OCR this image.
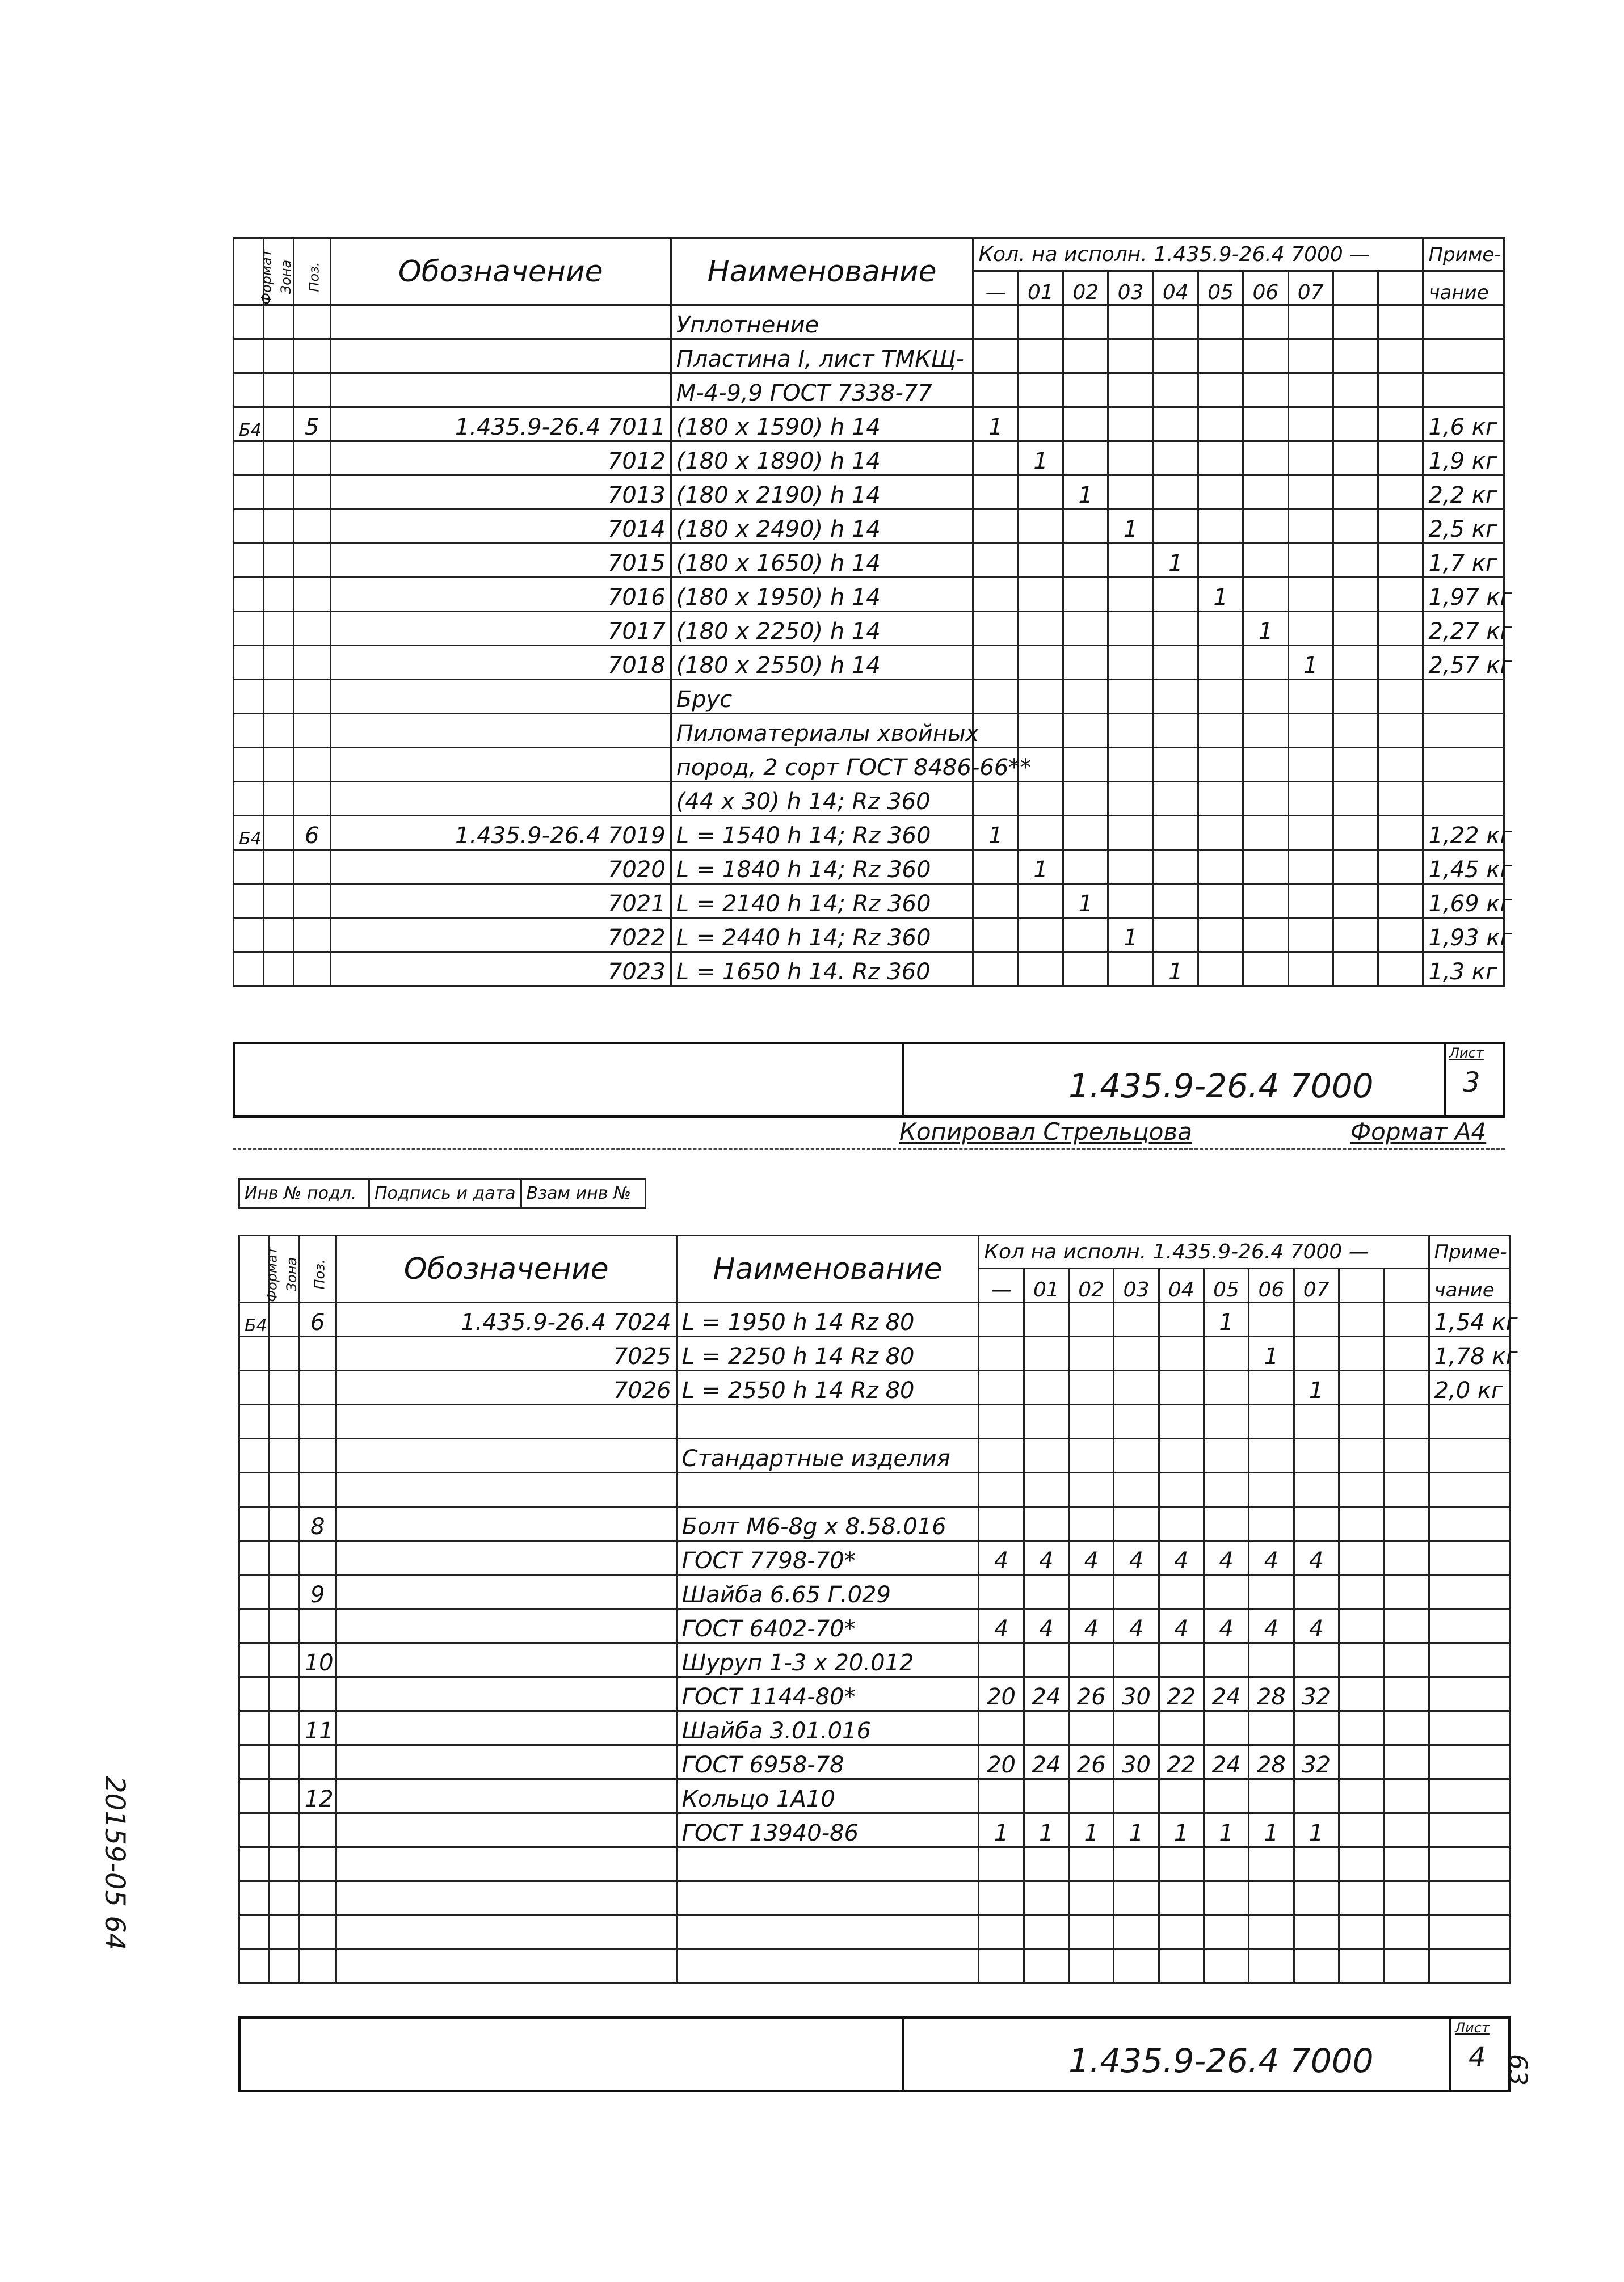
Формат	Зона	Поз.	Обозначение	Наименование	Кол. на исполн. 1.435.9-26.4 7000 —										Приме-
					—	01	02	03	04	05	06	07			чание
				Уплотнение											
				Пластина I, лист ТМКЩ-											
				М-4-9,9 ГОСТ 7338-77											
Б4		5	1.435.9-26.4 7011	(180 x 1590) h 14	1										1,6 кг
			7012	(180 x 1890) h 14		1									1,9 кг
			7013	(180 x 2190) h 14			1								2,2 кг
			7014	(180 x 2490) h 14				1							2,5 кг
			7015	(180 x 1650) h 14					1						1,7 кг
			7016	(180 x 1950) h 14						1					1,97 кг
			7017	(180 x 2250) h 14							1				2,27 кг
			7018	(180 x 2550) h 14								1			2,57 кг
				Брус											
				Пиломатериалы хвойных											
				пород, 2 сорт ГОСТ 8486-66**											
				(44 x 30) h 14; Rz 360											
Б4		6	1.435.9-26.4 7019	L = 1540 h 14; Rz 360	1										1,22 кг
			7020	L = 1840 h 14; Rz 360		1									1,45 кг
			7021	L = 2140 h 14; Rz 360			1								1,69 кг
			7022	L = 2440 h 14; Rz 360				1							1,93 кг
			7023	L = 1650 h 14. Rz 360					1						1,3 кг
1.435.9-26.4 7000
Лист
3
Копировал Стрельцова	Формат А4
Инв № подл.	Подпись и дата	Взам инв №
Формат	Зона	Поз.	Обозначение	Наименование	Кол на исполн. 1.435.9-26.4 7000 —										Приме-
					—	01	02	03	04	05	06	07			чание
Б4		6	1.435.9-26.4 7024	L = 1950 h 14 Rz 80						1					1,54 кг
			7025	L = 2250 h 14 Rz 80							1				1,78 кг
			7026	L = 2550 h 14 Rz 80								1			2,0 кг

				Стандартные изделия											

		8		Болт М6-8g x 8.58.016											
				ГОСТ 7798-70*	4	4	4	4	4	4	4	4			
		9		Шайба 6.65 Г.029											
				ГОСТ 6402-70*	4	4	4	4	4	4	4	4			
		10		Шуруп 1-3 x 20.012											
				ГОСТ 1144-80*	20	24	26	30	22	24	28	32			
		11		Шайба 3.01.016											
				ГОСТ 6958-78	20	24	26	30	22	24	28	32			
		12		Кольцо 1А10											
				ГОСТ 13940-86	1	1	1	1	1	1	1	1			

1.435.9-26.4 7000
Лист
4
20159-05 64
63
